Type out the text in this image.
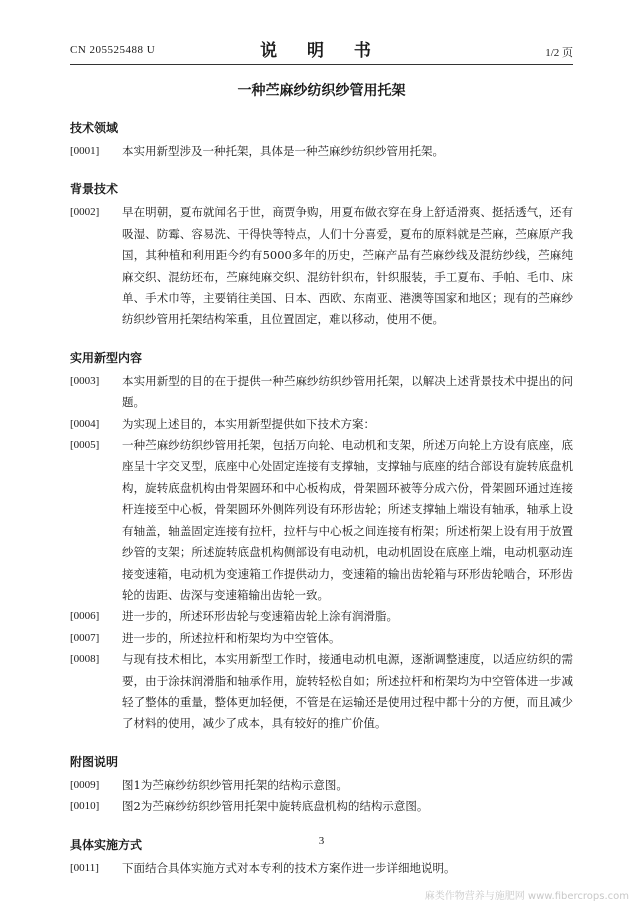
CN 205525488 U	说 明 书	1/2 页
一种苎麻纱纺织纱管用托架
技术领域
[0001]	本实用新型涉及一种托架，具体是一种苎麻纱纺织纱管用托架。
背景技术
[0002]	早在明朝，夏布就闻名于世，商贾争购，用夏布做衣穿在身上舒适滑爽、挺括透气，还有吸湿、防霉、容易洗、干得快等特点，人们十分喜爱，夏布的原料就是苎麻，苎麻原产我国，其种植和利用距今约有5000多年的历史，苎麻产品有苎麻纱线及混纺纱线，苎麻纯麻交织、混纺坯布，苎麻纯麻交织、混纺针织布，针织服装，手工夏布、手帕、毛巾、床单、手术巾等，主要销往美国、日本、西欧、东南亚、港澳等国家和地区；现有的苎麻纱纺织纱管用托架结构笨重，且位置固定，难以移动，使用不便。
实用新型内容
[0003]	本实用新型的目的在于提供一种苎麻纱纺织纱管用托架，以解决上述背景技术中提出的问题。
[0004]	为实现上述目的，本实用新型提供如下技术方案：
[0005]	一种苎麻纱纺织纱管用托架，包括万向轮、电动机和支架，所述万向轮上方设有底座，底座呈十字交叉型，底座中心处固定连接有支撑轴，支撑轴与底座的结合部设有旋转底盘机构，旋转底盘机构由骨架圆环和中心板构成，骨架圆环被等分成六份，骨架圆环通过连接杆连接至中心板，骨架圆环外侧阵列设有环形齿轮；所述支撑轴上端设有轴承，轴承上设有轴盖，轴盖固定连接有拉杆，拉杆与中心板之间连接有桁架；所述桁架上设有用于放置纱管的支架；所述旋转底盘机构侧部设有电动机，电动机固设在底座上端，电动机驱动连接变速箱，电动机为变速箱工作提供动力，变速箱的输出齿轮箱与环形齿轮啮合，环形齿轮的齿距、齿深与变速箱输出齿轮一致。
[0006]	进一步的，所述环形齿轮与变速箱齿轮上涂有润滑脂。
[0007]	进一步的，所述拉杆和桁架均为中空管体。
[0008]	与现有技术相比，本实用新型工作时，接通电动机电源，逐渐调整速度，以适应纺织的需要，由于涂抹润滑脂和轴承作用，旋转轻松自如；所述拉杆和桁架均为中空管体进一步减轻了整体的重量，整体更加轻便，不管是在运输还是使用过程中都十分的方便，而且减少了材料的使用，减少了成本，具有较好的推广价值。
附图说明
[0009]	图1为苎麻纱纺织纱管用托架的结构示意图。
[0010]	图2为苎麻纱纺织纱管用托架中旋转底盘机构的结构示意图。
具体实施方式
[0011]	下面结合具体实施方式对本专利的技术方案作进一步详细地说明。
3
麻类作物营养与施肥网 www.fibercrops.com
